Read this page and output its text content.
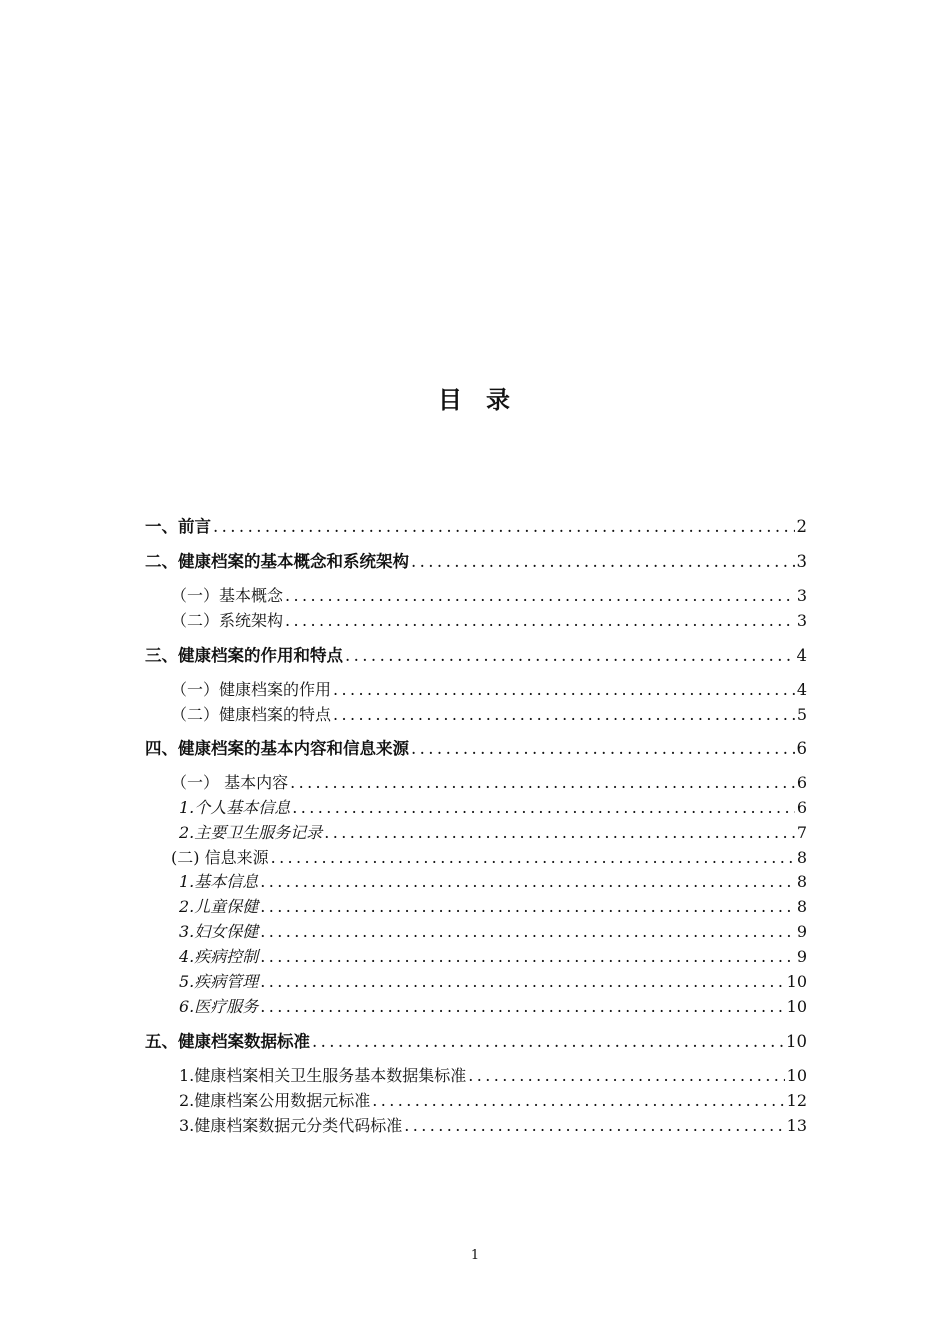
目 录
一、前言 .....	2
二、健康档案的基本概念和系统架构 .....	3
（一）基本概念 .....	3
（二）系统架构 .....	3
三、健康档案的作用和特点 .....	4
（一）健康档案的作用 .....	4
（二）健康档案的特点 .....	5
四、健康档案的基本内容和信息来源 .....	6
（一） 基本内容 .....	6
1. 个人基本信息 .....	6
2. 主要卫生服务记录 .....	7
(二) 信息来源 .....	8
1. 基本信息 .....	8
2. 儿童保健 .....	8
3. 妇女保健 .....	9
4. 疾病控制 .....	9
5. 疾病管理 .....	10
6. 医疗服务 .....	10
五、健康档案数据标准 .....	10
1. 健康档案相关卫生服务基本数据集标准 .....	10
2. 健康档案公用数据元标准 .....	12
3. 健康档案数据元分类代码标准 .....	13
1
